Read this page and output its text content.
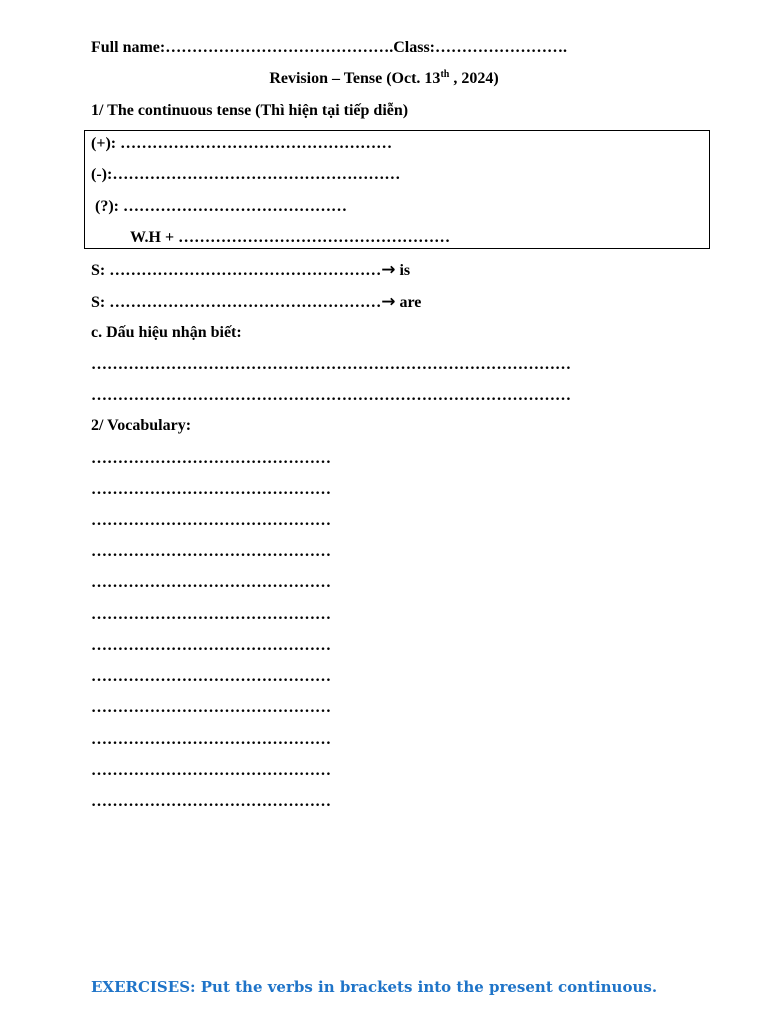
Full name:…………………………………….Class:…………………….
Revision – Tense (Oct. 13th , 2024)
1/ The continuous tense (Thì hiện tại tiếp diễn)
(+): ……………………………………………
(-):………………………………………………
(?): ……………………………………
W.H + ……………………………………………
S: ……………………………………………→ is
S: ……………………………………………→ are
c. Dấu hiệu nhận biết:
………………………………………………………………………………
………………………………………………………………………………
2/ Vocabulary:
………………………………………
………………………………………
………………………………………
………………………………………
………………………………………
………………………………………
………………………………………
………………………………………
………………………………………
………………………………………
………………………………………
………………………………………
EXERCISES: Put the verbs in brackets into the present continuous.
